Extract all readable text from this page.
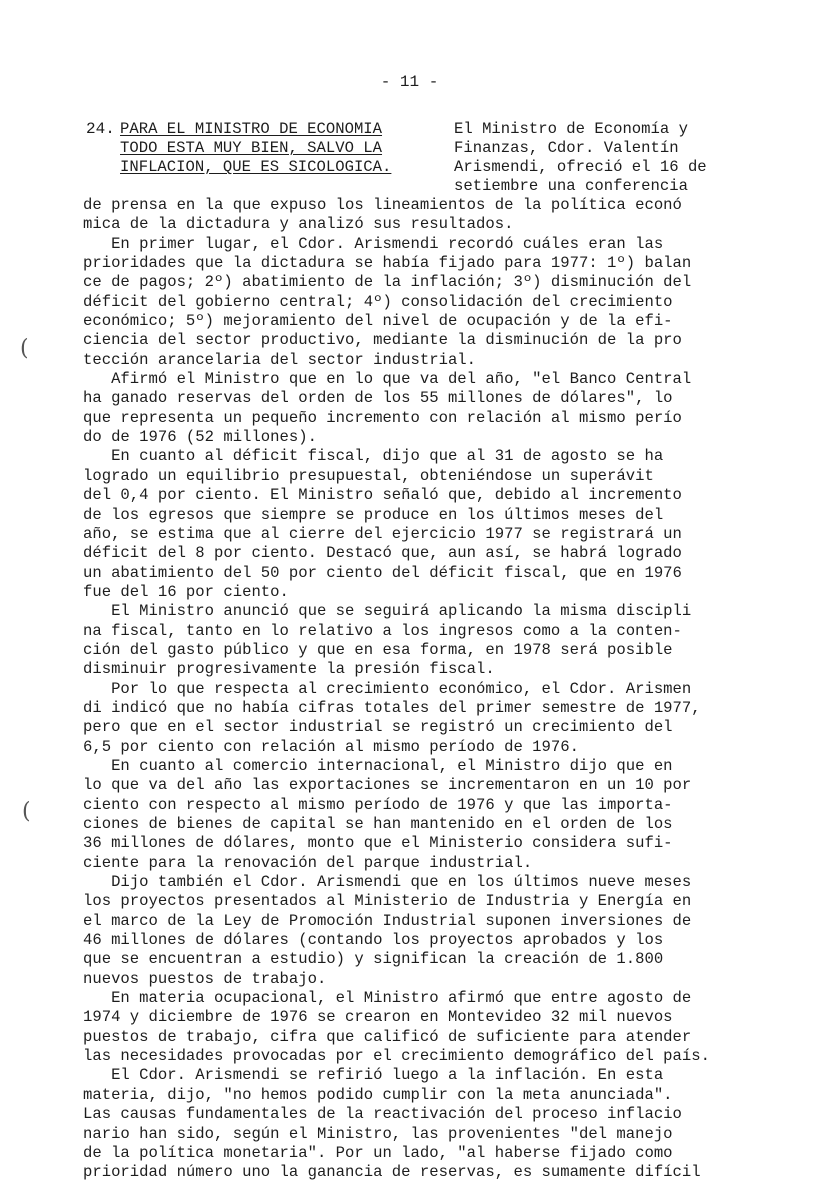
- 11 -
24. PARA EL MINISTRO DE ECONOMIA
TODO ESTA MUY BIEN, SALVO LA
INFLACION, QUE ES SICOLOGICA.
El Ministro de Economía y
Finanzas, Cdor. Valentín
Arismendi, ofreció el 16 de
setiembre una conferencia
de prensa en la que expuso los lineamientos de la política econó
mica de la dictadura y analizó sus resultados.
En primer lugar, el Cdor. Arismendi recordó cuáles eran las
prioridades que la dictadura se había fijado para 1977: 1º) balan
ce de pagos; 2º) abatimiento de la inflación; 3º) disminución del
déficit del gobierno central; 4º) consolidación del crecimiento
económico; 5º) mejoramiento del nivel de ocupación y de la efi-
ciencia del sector productivo, mediante la disminución de la pro
tección arancelaria del sector industrial.
Afirmó el Ministro que en lo que va del año, "el Banco Central
ha ganado reservas del orden de los 55 millones de dólares", lo
que representa un pequeño incremento con relación al mismo perío
do de 1976 (52 millones).
En cuanto al déficit fiscal, dijo que al 31 de agosto se ha
logrado un equilibrio presupuestal, obteniéndose un superávit
del 0,4 por ciento. El Ministro señaló que, debido al incremento
de los egresos que siempre se produce en los últimos meses del
año, se estima que al cierre del ejercicio 1977 se registrará un
déficit del 8 por ciento. Destacó que, aun así, se habrá logrado
un abatimiento del 50 por ciento del déficit fiscal, que en 1976
fue del 16 por ciento.
El Ministro anunció que se seguirá aplicando la misma discipli
na fiscal, tanto en lo relativo a los ingresos como a la conten-
ción del gasto público y que en esa forma, en 1978 será posible
disminuir progresivamente la presión fiscal.
Por lo que respecta al crecimiento económico, el Cdor. Arismen
di indicó que no había cifras totales del primer semestre de 1977,
pero que en el sector industrial se registró un crecimiento del
6,5 por ciento con relación al mismo período de 1976.
En cuanto al comercio internacional, el Ministro dijo que en
lo que va del año las exportaciones se incrementaron en un 10 por
ciento con respecto al mismo período de 1976 y que las importa-
ciones de bienes de capital se han mantenido en el orden de los
36 millones de dólares, monto que el Ministerio considera sufi-
ciente para la renovación del parque industrial.
Dijo también el Cdor. Arismendi que en los últimos nueve meses
los proyectos presentados al Ministerio de Industria y Energía en
el marco de la Ley de Promoción Industrial suponen inversiones de
46 millones de dólares (contando los proyectos aprobados y los
que se encuentran a estudio) y significan la creación de 1.800
nuevos puestos de trabajo.
En materia ocupacional, el Ministro afirmó que entre agosto de
1974 y diciembre de 1976 se crearon en Montevideo 32 mil nuevos
puestos de trabajo, cifra que calificó de suficiente para atender
las necesidades provocadas por el crecimiento demográfico del país.
El Cdor. Arismendi se refirió luego a la inflación. En esta
materia, dijo, "no hemos podido cumplir con la meta anunciada".
Las causas fundamentales de la reactivación del proceso inflacio
nario han sido, según el Ministro, las provenientes "del manejo
de la política monetaria". Por un lado, "al haberse fijado como
prioridad número uno la ganancia de reservas, es sumamente difícil
(
(
